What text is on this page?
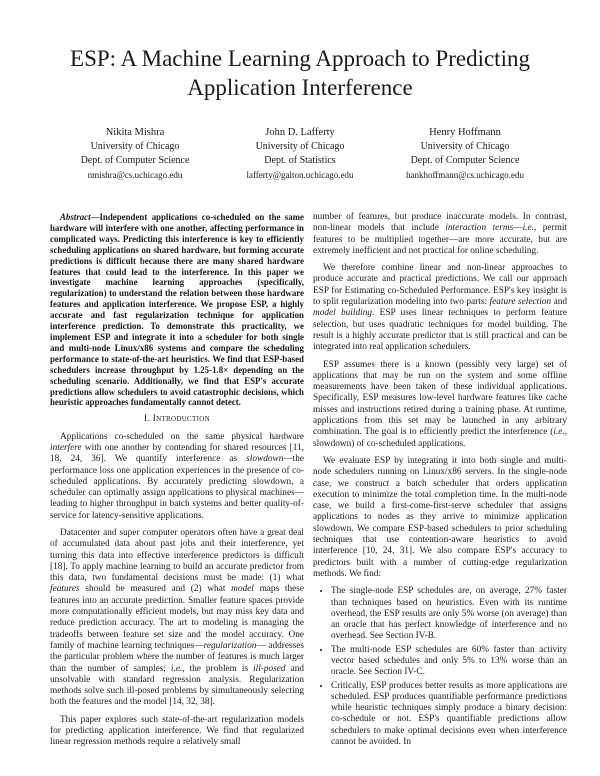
ESP: A Machine Learning Approach to Predicting Application Interference
Nikita Mishra
University of Chicago
Dept. of Computer Science
nmishra@cs.uchicago.edu
John D. Lafferty
University of Chicago
Dept. of Statistics
lafferty@galton.uchicago.edu
Henry Hoffmann
University of Chicago
Dept. of Computer Science
hankhoffmann@cs.uchicago.edu

Abstract—Independent applications co-scheduled on the same hardware will interfere with one another, affecting performance in complicated ways. Predicting this interference is key to efficiently scheduling applications on shared hardware, but forming accurate predictions is difficult because there are many shared hardware features that could lead to the interference. In this paper we investigate machine learning approaches (specifically, regularization) to understand the relation between those hardware features and application interference. We propose ESP, a highly accurate and fast regularization technique for application interference prediction. To demonstrate this practicality, we implement ESP and integrate it into a scheduler for both single and multi-node Linux/x86 systems and compare the scheduling performance to state-of-the-art heuristics. We find that ESP-based schedulers increase throughput by 1.25-1.8× depending on the scheduling scenario. Additionally, we find that ESP's accurate predictions allow schedulers to avoid catastrophic decisions, which heuristic approaches fundamentally cannot detect.

I. Introduction

Applications co-scheduled on the same physical hardware interfere with one another by contending for shared resources [11, 18, 24, 36]. We quantify interference as slowdown—the performance loss one application experiences in the presence of co-scheduled applications. By accurately predicting slowdown, a scheduler can optimally assign applications to physical machines—leading to higher throughput in batch systems and better quality-of-service for latency-sensitive applications.

Datacenter and super computer operators often have a great deal of accumulated data about past jobs and their interference, yet turning this data into effective interference predictors is difficult [18]. To apply machine learning to build an accurate predictor from this data, two fundamental decisions must be made: (1) what features should be measured and (2) what model maps these features into an accurate prediction. Smaller feature spaces provide more computationally efficient models, but may miss key data and reduce prediction accuracy. The art to modeling is managing the tradeoffs between feature set size and the model accuracy. One family of machine learning techniques—regularization— addresses the particular problem where the number of features is much larger than the number of samples; i.e., the problem is ill-posed and unsolvable with standard regression analysis. Regularization methods solve such ill-posed problems by simultaneously selecting both the features and the model [14, 32, 38].

This paper explores such state-of-the-art regularization models for predicting application interference. We find that regularized linear regression methods require a relatively small

number of features, but produce inaccurate models. In contrast, non-linear models that include interaction terms—i.e., permit features to be multiplied together—are more accurate, but are extremely inefficient and not practical for online scheduling.

We therefore combine linear and non-linear approaches to produce accurate and practical predictions. We call our approach ESP for Estimating co-Scheduled Performance. ESP's key insight is to split regularization modeling into two parts: feature selection and model building. ESP uses linear techniques to perform feature selection, but uses quadratic techniques for model building. The result is a highly accurate predictor that is still practical and can be integrated into real application schedulers.

ESP assumes there is a known (possibly very large) set of applications that may be run on the system and some offline measurements have been taken of these individual applications. Specifically, ESP measures low-level hardware features like cache misses and instructions retired during a training phase. At runtime, applications from this set may be launched in any arbitrary combination. The goal is to efficiently predict the interference (i.e., slowdown) of co-scheduled applications.

We evaluate ESP by integrating it into both single and multi-node schedulers running on Linux/x86 servers. In the single-node case, we construct a batch scheduler that orders application execution to minimize the total completion time. In the multi-node case, we build a first-come-first-serve scheduler that assigns applications to nodes as they arrive to minimize application slowdown. We compare ESP-based schedulers to prior scheduling techniques that use contention-aware heuristics to avoid interference [10, 24, 31]. We also compare ESP's accuracy to predictors built with a number of cutting-edge regularization methods. We find:

• The single-node ESP schedules are, on average, 27% faster than techniques based on heuristics. Even with its runtime overhead, the ESP results are only 5% worse (on average) than an oracle that has perfect knowledge of interference and no overhead. See Section IV-B.
• The multi-node ESP schedules are 60% faster than activity vector based schedules and only 5% to 13% worse than an oracle. See Section IV-C.
• Critically, ESP produces better results as more applications are scheduled. ESP produces quantifiable performance predictions while heuristic techniques simply produce a binary decision: co-schedule or not. ESP's quantifiable predictions allow schedulers to make optimal decisions even when interference cannot be avoided. In
